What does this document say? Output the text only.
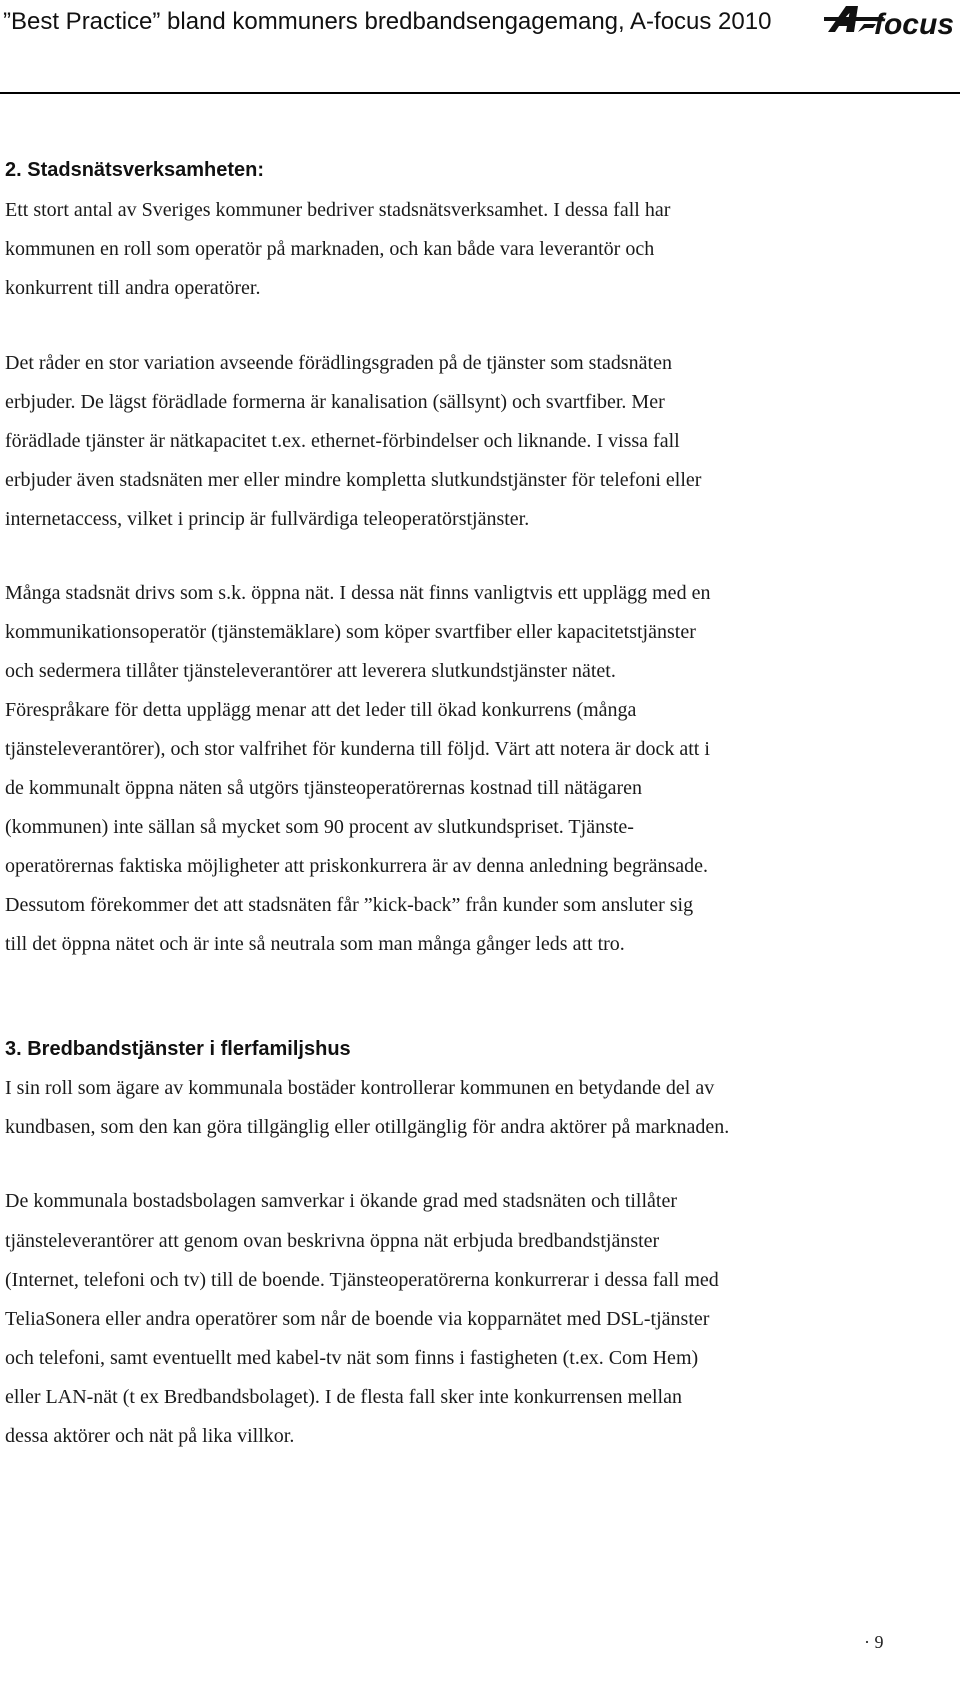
”Best Practice” bland kommuners bredbandsengagemang, A-focus 2010	-focus
2. Stadsnätsverksamheten:
Ett stort antal av Sveriges kommuner bedriver stadsnätsverksamhet. I dessa fall har
kommunen en roll som operatör på marknaden, och kan både vara leverantör och
konkurrent till andra operatörer.
Det råder en stor variation avseende förädlingsgraden på de tjänster som stadsnäten
erbjuder. De lägst förädlade formerna är kanalisation (sällsynt) och svartfiber. Mer
förädlade tjänster är nätkapacitet t.ex. ethernet-förbindelser och liknande. I vissa fall
erbjuder även stadsnäten mer eller mindre kompletta slutkundstjänster för telefoni eller
internetaccess, vilket i princip är fullvärdiga teleoperatörstjänster.
Många stadsnät drivs som s.k. öppna nät. I dessa nät finns vanligtvis ett upplägg med en
kommunikationsoperatör (tjänstemäklare) som köper svartfiber eller kapacitetstjänster
och sedermera tillåter tjänsteleverantörer att leverera slutkundstjänster nätet.
Förespråkare för detta upplägg menar att det leder till ökad konkurrens (många
tjänsteleverantörer), och stor valfrihet för kunderna till följd. Värt att notera är dock att i
de kommunalt öppna näten så utgörs tjänsteoperatörernas kostnad till nätägaren
(kommunen) inte sällan så mycket som 90 procent av slutkundspriset. Tjänste-
operatörernas faktiska möjligheter att priskonkurrera är av denna anledning begränsade.
Dessutom förekommer det att stadsnäten får ”kick-back” från kunder som ansluter sig
till det öppna nätet och är inte så neutrala som man många gånger leds att tro.
3. Bredbandstjänster i flerfamiljshus
I sin roll som ägare av kommunala bostäder kontrollerar kommunen en betydande del av
kundbasen, som den kan göra tillgänglig eller otillgänglig för andra aktörer på marknaden.
De kommunala bostadsbolagen samverkar i ökande grad med stadsnäten och tillåter
tjänsteleverantörer att genom ovan beskrivna öppna nät erbjuda bredbandstjänster
(Internet, telefoni och tv) till de boende. Tjänsteoperatörerna konkurrerar i dessa fall med
TeliaSonera eller andra operatörer som når de boende via kopparnätet med DSL-tjänster
och telefoni, samt eventuellt med kabel-tv nät som finns i fastigheten (t.ex. Com Hem)
eller LAN-nät (t ex Bredbandsbolaget). I de flesta fall sker inte konkurrensen mellan
dessa aktörer och nät på lika villkor.
· 9
